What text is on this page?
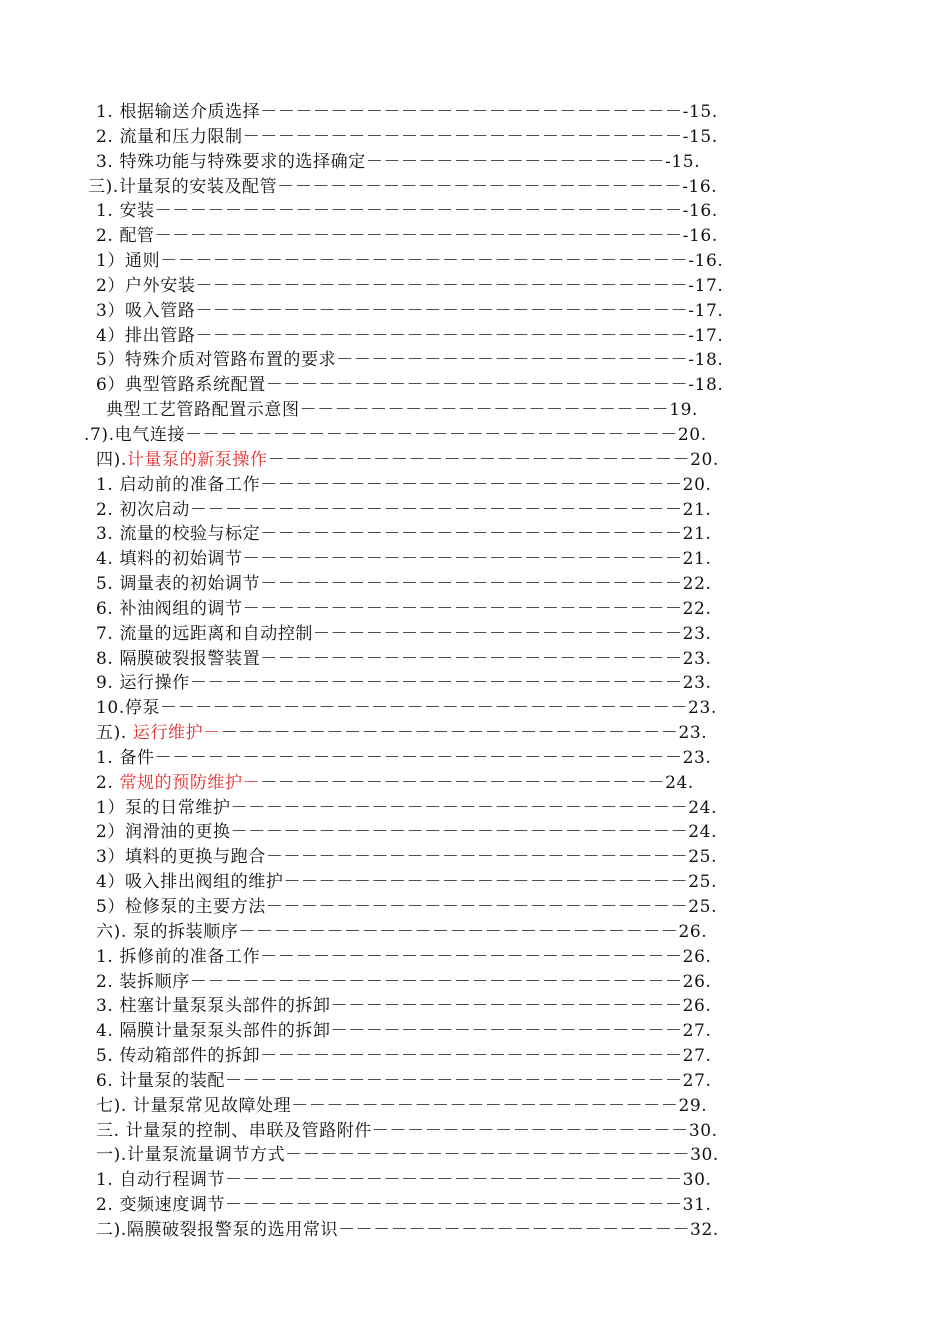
1. 根据输送介质选择－－－－－－－－－－－－－－－－－－－－－－－－-15.
2. 流量和压力限制－－－－－－－－－－－－－－－－－－－－－－－－－-15.
3. 特殊功能与特殊要求的选择确定－－－－－－－－－－－－－－－－－-15.
三).计量泵的安装及配管－－－－－－－－－－－－－－－－－－－－－－－-16.
1. 安装－－－－－－－－－－－－－－－－－－－－－－－－－－－－－－-16.
2. 配管－－－－－－－－－－－－－－－－－－－－－－－－－－－－－－-16.
1）通则－－－－－－－－－－－－－－－－－－－－－－－－－－－－－－-16.
2）户外安装－－－－－－－－－－－－－－－－－－－－－－－－－－－－-17.
3）吸入管路－－－－－－－－－－－－－－－－－－－－－－－－－－－－-17.
4）排出管路－－－－－－－－－－－－－－－－－－－－－－－－－－－－-17.
5）特殊介质对管路布置的要求－－－－－－－－－－－－－－－－－－－－-18.
6）典型管路系统配置－－－－－－－－－－－－－－－－－－－－－－－－-18.
典型工艺管路配置示意图－－－－－－－－－－－－－－－－－－－－－19.
.7).电气连接－－－－－－－－－－－－－－－－－－－－－－－－－－－－20.
四).计量泵的新泵操作－－－－－－－－－－－－－－－－－－－－－－－－20.
1. 启动前的准备工作－－－－－－－－－－－－－－－－－－－－－－－－20.
2. 初次启动－－－－－－－－－－－－－－－－－－－－－－－－－－－－21.
3. 流量的校验与标定－－－－－－－－－－－－－－－－－－－－－－－－21.
4. 填料的初始调节－－－－－－－－－－－－－－－－－－－－－－－－－21.
5. 调量表的初始调节－－－－－－－－－－－－－－－－－－－－－－－－22.
6. 补油阀组的调节－－－－－－－－－－－－－－－－－－－－－－－－－22.
7. 流量的远距离和自动控制－－－－－－－－－－－－－－－－－－－－－23.
8. 隔膜破裂报警装置－－－－－－－－－－－－－－－－－－－－－－－－23.
9. 运行操作－－－－－－－－－－－－－－－－－－－－－－－－－－－－23.
10.停泵－－－－－－－－－－－－－－－－－－－－－－－－－－－－－－23.
五). 运行维护－－－－－－－－－－－－－－－－－－－－－－－－－－－23.
1. 备件－－－－－－－－－－－－－－－－－－－－－－－－－－－－－－23.
2. 常规的预防维护－－－－－－－－－－－－－－－－－－－－－－－－24.
1）泵的日常维护－－－－－－－－－－－－－－－－－－－－－－－－－－24.
2）润滑油的更换－－－－－－－－－－－－－－－－－－－－－－－－－－24.
3）填料的更换与跑合－－－－－－－－－－－－－－－－－－－－－－－－25.
4）吸入排出阀组的维护－－－－－－－－－－－－－－－－－－－－－－－25.
5）检修泵的主要方法－－－－－－－－－－－－－－－－－－－－－－－－25.
六). 泵的拆装顺序－－－－－－－－－－－－－－－－－－－－－－－－－26.
1. 拆修前的准备工作－－－－－－－－－－－－－－－－－－－－－－－－26.
2. 装拆顺序－－－－－－－－－－－－－－－－－－－－－－－－－－－－26.
3. 柱塞计量泵泵头部件的拆卸－－－－－－－－－－－－－－－－－－－－26.
4. 隔膜计量泵泵头部件的拆卸－－－－－－－－－－－－－－－－－－－－27.
5. 传动箱部件的拆卸－－－－－－－－－－－－－－－－－－－－－－－－27.
6. 计量泵的装配－－－－－－－－－－－－－－－－－－－－－－－－－－27.
七). 计量泵常见故障处理－－－－－－－－－－－－－－－－－－－－－－29.
三. 计量泵的控制、串联及管路附件－－－－－－－－－－－－－－－－－－30.
一).计量泵流量调节方式－－－－－－－－－－－－－－－－－－－－－－－30.
1. 自动行程调节－－－－－－－－－－－－－－－－－－－－－－－－－－30.
2. 变频速度调节－－－－－－－－－－－－－－－－－－－－－－－－－－31.
二).隔膜破裂报警泵的选用常识－－－－－－－－－－－－－－－－－－－－32.
